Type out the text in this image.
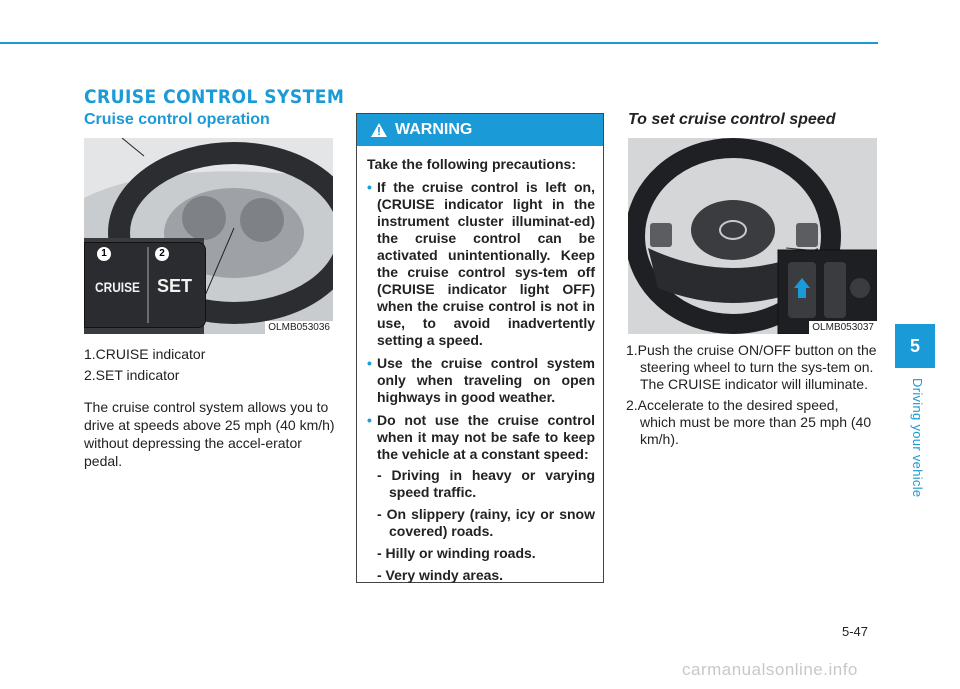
CRUISE CONTROL SYSTEM
Cruise control operation
1	2
CRUISE SET
OLMB053036
1.CRUISE indicator
2.SET indicator

The cruise control system allows you to drive at speeds above 25 mph (40 km/h) without depressing the accel-erator pedal.

WARNING

Take the following precautions:

• If the cruise control is left on, (CRUISE indicator light in the instrument cluster illuminat-ed) the cruise control can be activated unintentionally. Keep the cruise control sys-tem off (CRUISE indicator light OFF) when the cruise control is not in use, to avoid inadvertently setting a speed.
• Use the cruise control system only when traveling on open highways in good weather.
• Do not use the cruise control when it may not be safe to keep the vehicle at a constant speed:
- Driving in heavy or varying speed traffic.
- On slippery (rainy, icy or snow covered) roads.
- Hilly or winding roads.
- Very windy areas.
To set cruise control speed
OLMB053037
1.Push the cruise ON/OFF button on the steering wheel to turn the sys-tem on. The CRUISE indicator will illuminate.
2.Accelerate to the desired speed, which must be more than 25 mph (40 km/h).
5
Driving your vehicle
5-47
carmanualsonline.info
